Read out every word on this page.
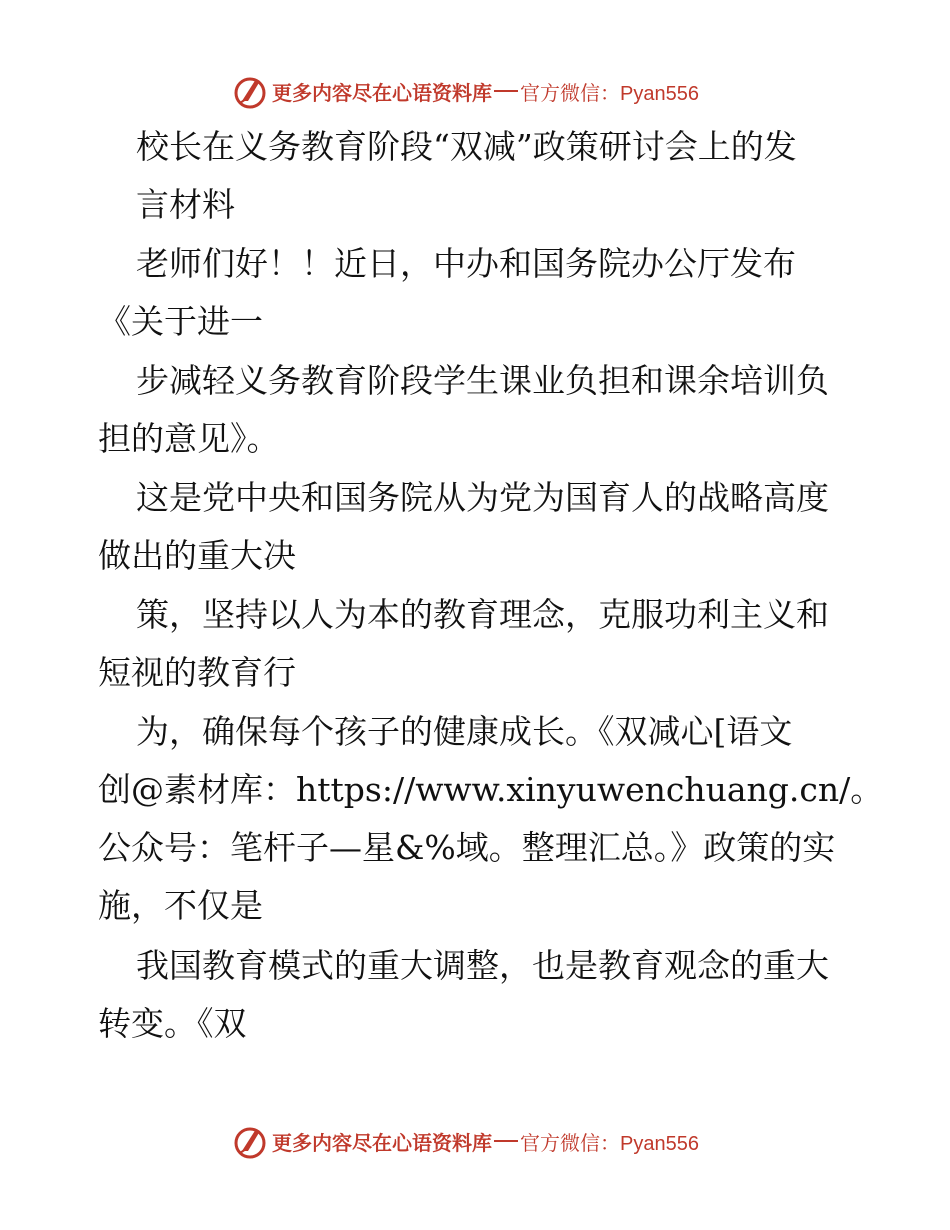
更多内容尽在心语资料库 官方微信：Pyan556
校长在义务教育阶段“双减”政策研讨会上的发
言材料
老师们好！！近日，中办和国务院办公厅发布
《关于进一
步减轻义务教育阶段学生课业负担和课余培训负
担的意见》。
这是党中央和国务院从为党为国育人的战略高度
做出的重大决
策，坚持以人为本的教育理念，克服功利主义和
短视的教育行
为，确保每个孩子的健康成长。《双减心[语文
创@素材库：https://www.xinyuwenchuang.cn/。
公众号：笔杆子—星&%域。整理汇总。》政策的实
施，不仅是
我国教育模式的重大调整，也是教育观念的重大
转变。《双
更多内容尽在心语资料库 官方微信：Pyan556
